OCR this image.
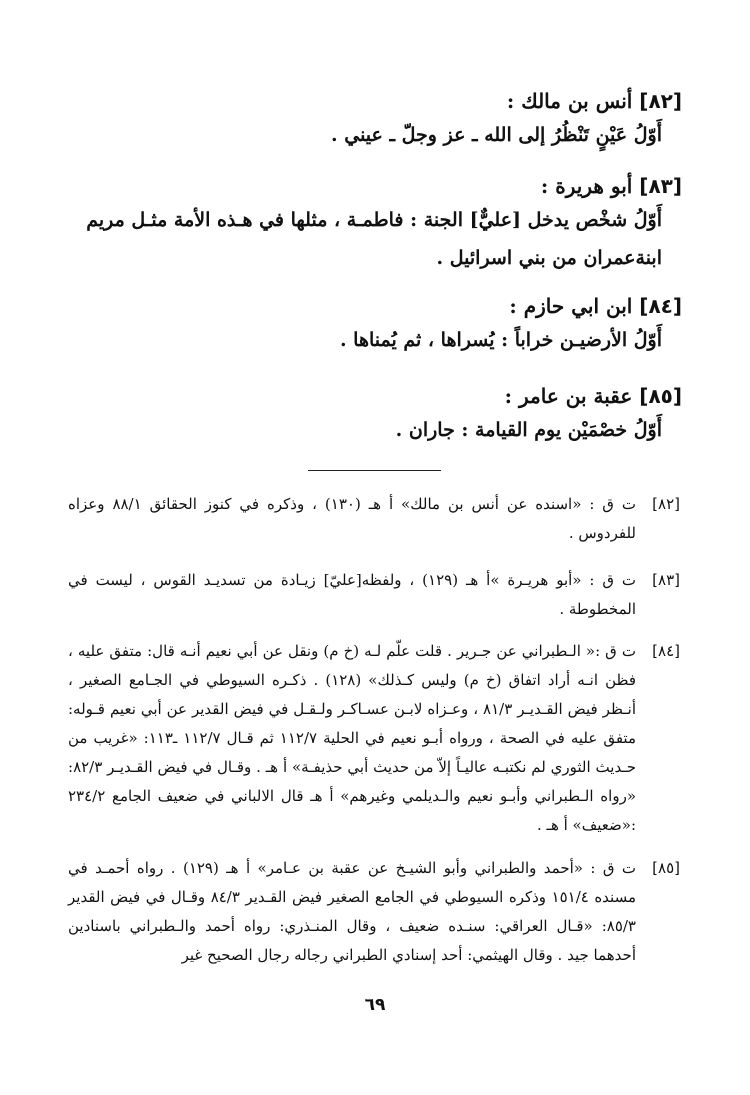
[٨٢] أنس بن مالك :
أَوّلُ عَيْنٍ تَنْظُرُ إلى الله ـ عز وجلّ ـ عيني .
[٨٣] أبو هريرة :
أَوّلُ شخْص يدخل [عليٌّ] الجنة : فاطمـة ، مثلها في هـذه الأمة مثـل مريم
ابنةعمران من بني اسرائيل .
[٨٤] ابن ابي حازم :
أَوّلُ الأرضيـن خراباً : يُسراها ، ثم يُمناها .
[٨٥] عقبة بن عامر :
أَوّلُ خصْمَيْن يوم القيامة : جاران .
[٨٢]
ت ق : «اسنده عن أنس بن مالك» أ هـ (١٣٠) ، وذكره في كنوز الحقائق ٨٨/١ وعزاه للفردوس .
[٨٣]
ت ق : «أبو هريـرة »أ هـ (١٢٩) ، ولفظه[عليّ] زيـادة من تسديـد القوس ، ليست في المخطوطة .
[٨٤]
ت ق :« الـطبراني عن جـرير . قلت علّم لـه (خ م) ونقل عن أبي نعيم أنـه قال: متفق عليه ، فظن انـه أراد اتفاق (خ م) وليس كـذلك» (١٢٨) . ذكـره السيوطي في الجـامع الصغير ، أنـظر فيض القـديـر ٨١/٣ ، وعـزاه لابـن عسـاكـر ولـقـل في فيض القدير عن أبي نعيم قـوله: متفق عليه في الصحة ، ورواه أبـو نعيم في الحلية ١١٢/٧ ثم قـال ١١٢/٧ ـ١١٣: «غريب من حـديث الثوري لم نكتبـه عاليـاً إلاّ من حديث أبي حذيفـة» أ هـ . وقـال في فيض القـديـر ٨٢/٣: «رواه الـطبراني وأبـو نعيم والـديلمي وغيرهم» أ هـ قال الالباني في ضعيف الجامع ٢٣٤/٢ :«ضعيف» أ هـ .
[٨٥]
ت ق : «أحمد والطبراني وأبو الشيـخ عن عقبة بن عـامر» أ هـ (١٢٩) . رواه أحمـد في مسنده ١٥١/٤ وذكره السيوطي في الجامع الصغير فيض القـدير ٨٤/٣ وقـال في فيض القدير ٨٥/٣: «قـال العراقي: سنـده ضعيف ، وقال المنـذري: رواه أحمد والـطبراني باسنادين أحدهما جيد . وقال الهيثمي: أحد إسنادي الطبراني رجاله رجال الصحيح غير
٦٩
